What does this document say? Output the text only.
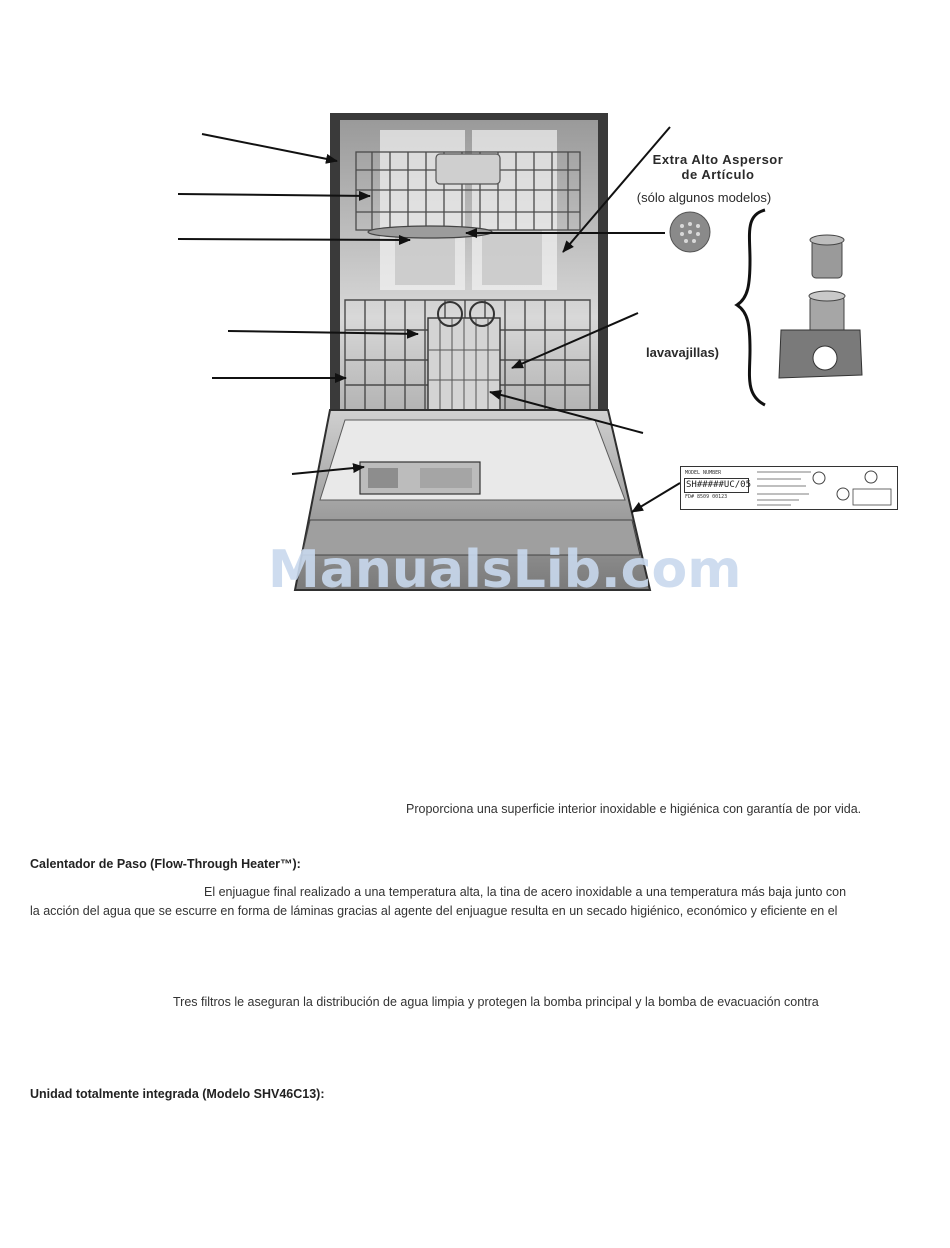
Extra Alto Aspersor
de Artículo
(sólo algunos modelos)
lavavajillas)
SH#####UC/05
MODEL NUMBER
FD# 8509 00123
ManualsLib.com
Proporciona una superficie interior inoxidable e higiénica con garantía de por vida.
Calentador de Paso (Flow-Through Heater™):
El enjuague final realizado a una temperatura alta, la tina de acero inoxidable a una temperatura más baja junto con
la acción del agua que se escurre en forma de láminas gracias al agente del enjuague resulta en un secado higiénico, económico y eficiente en el
Tres filtros le aseguran la distribución de agua limpia y protegen la bomba principal y la bomba de evacuación contra
Unidad totalmente integrada (Modelo SHV46C13):
